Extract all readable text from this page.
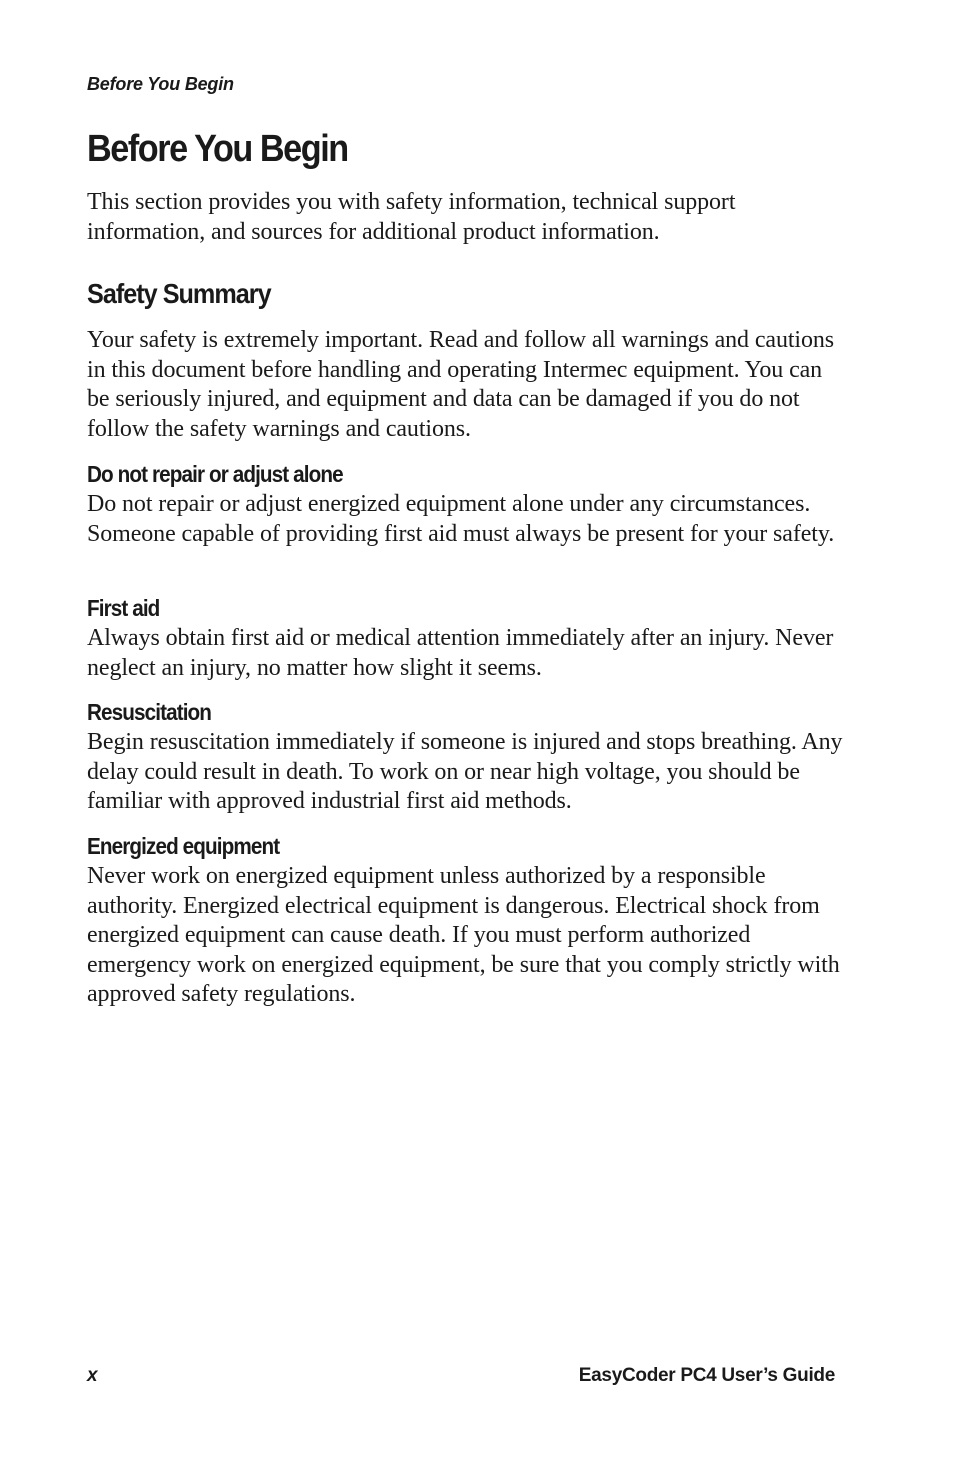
Before You Begin
Before You Begin

This section provides you with safety information, technical support information, and sources for additional product information.

Safety Summary

Your safety is extremely important. Read and follow all warnings and cautions in this document before handling and operating Intermec equipment. You can be seriously injured, and equipment and data can be damaged if you do not follow the safety warnings and cautions.

Do not repair or adjust alone

Do not repair or adjust energized equipment alone under any circumstances. Someone capable of providing first aid must always be present for your safety.

First aid

Always obtain first aid or medical attention immediately after an injury. Never neglect an injury, no matter how slight it seems.

Resuscitation

Begin resuscitation immediately if someone is injured and stops breathing. Any delay could result in death. To work on or near high voltage, you should be familiar with approved industrial first aid methods.

Energized equipment

Never work on energized equipment unless authorized by a responsible authority. Energized electrical equipment is dangerous. Electrical shock from energized equipment can cause death. If you must perform authorized emergency work on energized equipment, be sure that you comply strictly with approved safety regulations.

x	EasyCoder PC4 User’s Guide
